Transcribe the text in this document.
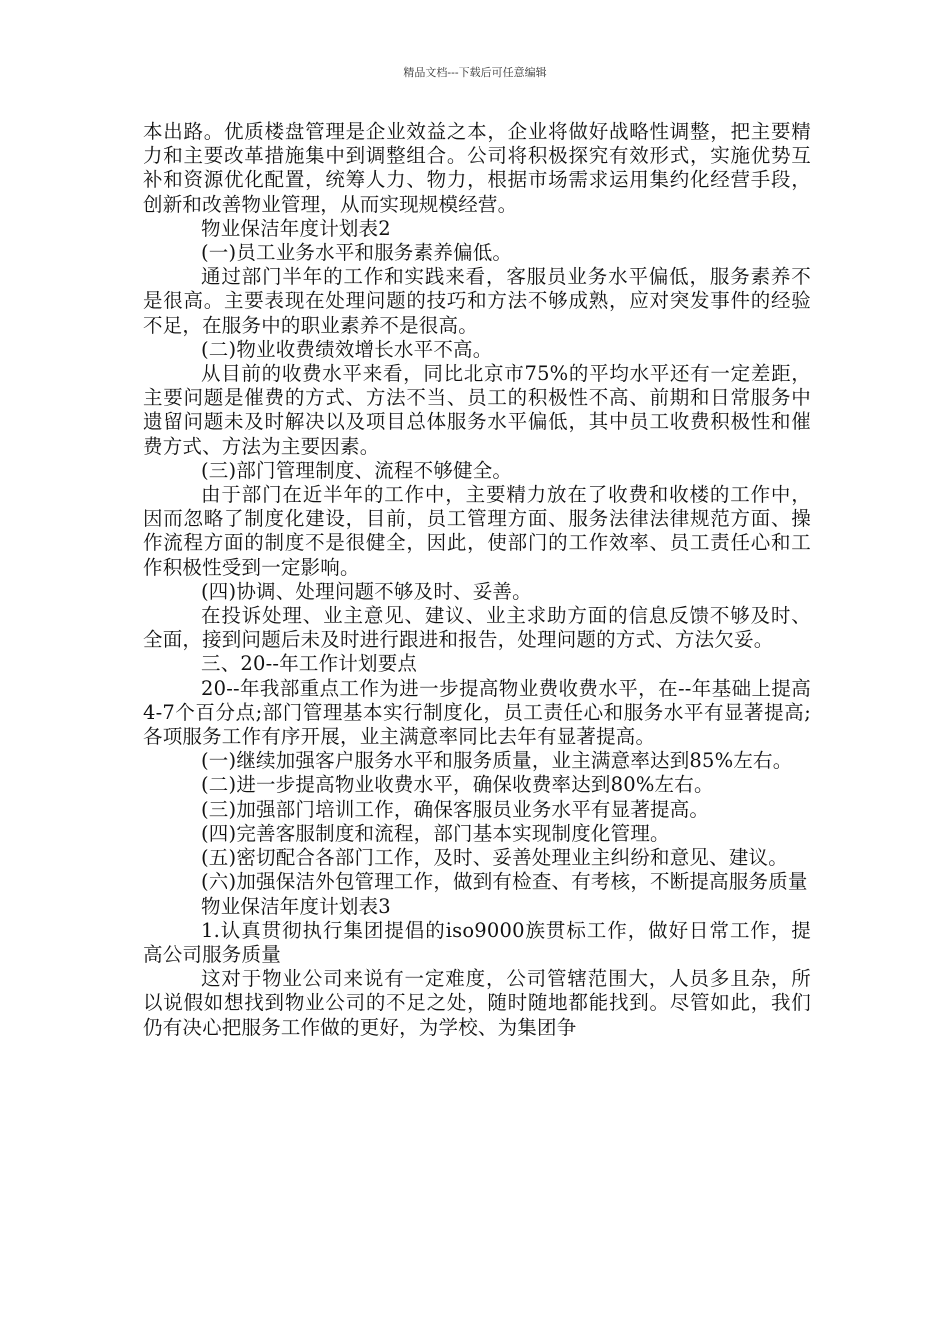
精品文档---下载后可任意编辑

本出路。优质楼盘管理是企业效益之本，企业将做好战略性调整，把主要精力和主要改革措施集中到调整组合。公司将积极探究有效形式，实施优势互补和资源优化配置，统筹人力、物力，根据市场需求运用集约化经营手段，创新和改善物业管理，从而实现规模经营。

物业保洁年度计划表2

(一)员工业务水平和服务素养偏低。

通过部门半年的工作和实践来看，客服员业务水平偏低，服务素养不是很高。主要表现在处理问题的技巧和方法不够成熟，应对突发事件的经验不足，在服务中的职业素养不是很高。

(二)物业收费绩效增长水平不高。

从目前的收费水平来看，同比北京市75%的平均水平还有一定差距，主要问题是催费的方式、方法不当、员工的积极性不高、前期和日常服务中遗留问题未及时解决以及项目总体服务水平偏低，其中员工收费积极性和催费方式、方法为主要因素。

(三)部门管理制度、流程不够健全。

由于部门在近半年的工作中，主要精力放在了收费和收楼的工作中，因而忽略了制度化建设，目前，员工管理方面、服务法律法律规范方面、操作流程方面的制度不是很健全，因此，使部门的工作效率、员工责任心和工作积极性受到一定影响。

(四)协调、处理问题不够及时、妥善。

在投诉处理、业主意见、建议、业主求助方面的信息反馈不够及时、全面，接到问题后未及时进行跟进和报告，处理问题的方式、方法欠妥。

三、20--年工作计划要点

20--年我部重点工作为进一步提高物业费收费水平，在--年基础上提高4-7个百分点;部门管理基本实行制度化，员工责任心和服务水平有显著提高;各项服务工作有序开展，业主满意率同比去年有显著提高。

(一)继续加强客户服务水平和服务质量，业主满意率达到85%左右。

(二)进一步提高物业收费水平，确保收费率达到80%左右。

(三)加强部门培训工作，确保客服员业务水平有显著提高。

(四)完善客服制度和流程，部门基本实现制度化管理。

(五)密切配合各部门工作，及时、妥善处理业主纠纷和意见、建议。

(六)加强保洁外包管理工作，做到有检查、有考核，不断提高服务质量

物业保洁年度计划表3

1.认真贯彻执行集团提倡的iso9000族贯标工作，做好日常工作，提高公司服务质量

这对于物业公司来说有一定难度，公司管辖范围大，人员多且杂，所以说假如想找到物业公司的不足之处，随时随地都能找到。尽管如此，我们仍有决心把服务工作做的更好，为学校、为集团争
